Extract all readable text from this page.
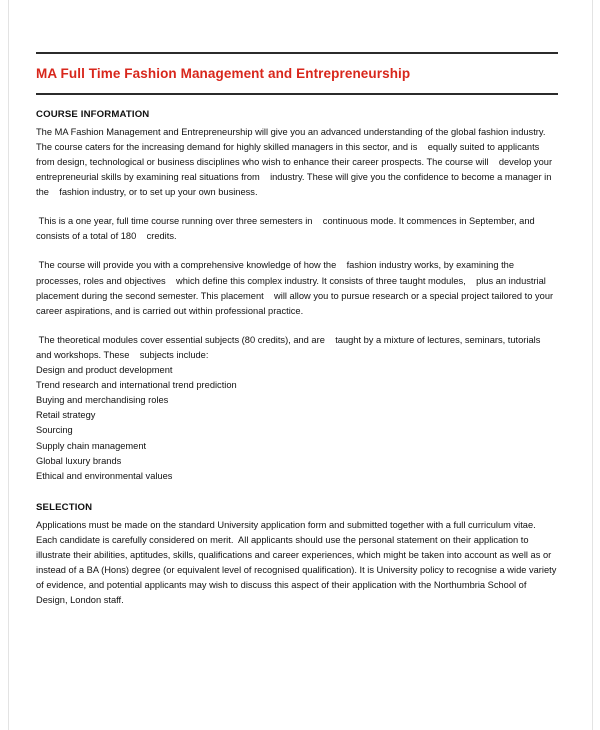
MA Full Time Fashion Management and Entrepreneurship
COURSE INFORMATION

The MA Fashion Management and Entrepreneurship will give you an advanced understanding of the global fashion industry. The course caters for the increasing demand for highly skilled managers in this sector, and is    equally suited to applicants from design, technological or business disciplines who wish to enhance their career prospects. The course will    develop your entrepreneurial skills by examining real situations from    industry. These will give you the confidence to become a manager in the    fashion industry, or to set up your own business.

This is a one year, full time course running over three semesters in    continuous mode. It commences in September, and consists of a total of 180    credits.

The course will provide you with a comprehensive knowledge of how the    fashion industry works, by examining the processes, roles and objectives    which define this complex industry. It consists of three taught modules,    plus an industrial placement during the second semester. This placement    will allow you to pursue research or a special project tailored to your    career aspirations, and is carried out within professional practice.

The theoretical modules cover essential subjects (80 credits), and are    taught by a mixture of lectures, seminars, tutorials and workshops. These    subjects include:

Design and product development
Trend research and international trend prediction
Buying and merchandising roles
Retail strategy
Sourcing
Supply chain management
Global luxury brands
Ethical and environmental values
SELECTION

Applications must be made on the standard University application form and submitted together with a full curriculum vitae. Each candidate is carefully considered on merit.  All applicants should use the personal statement on their application to illustrate their abilities, aptitudes, skills, qualifications and career experiences, which might be taken into account as well as or instead of a BA (Hons) degree (or equivalent level of recognised qualification). It is University policy to recognise a wide variety of evidence, and potential applicants may wish to discuss this aspect of their application with the Northumbria School of Design, London staff.
